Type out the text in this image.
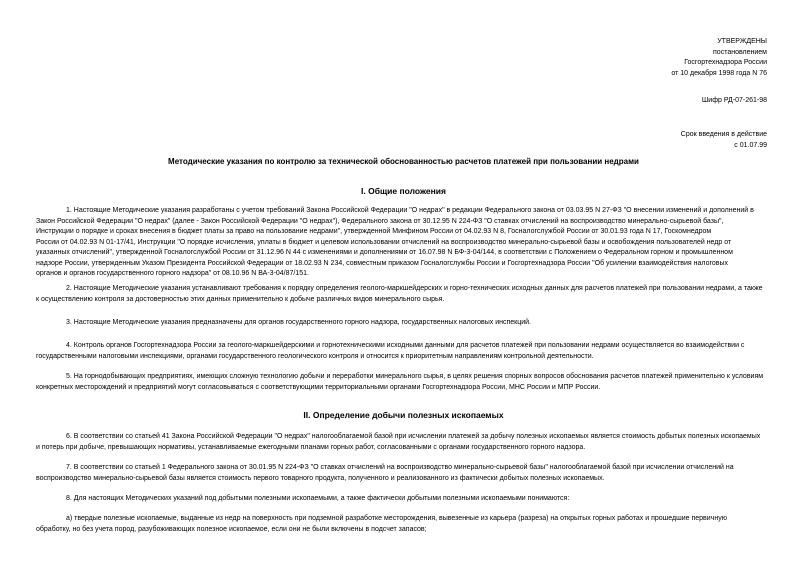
УТВЕРЖДЕНЫ
постановлением
Госгортехнадзора России
от 10 декабря 1998 года N 76
Шифр РД-07-261-98
Срок введения в действие
с 01.07.99
Методические указания по контролю за технической обоснованностью расчетов платежей при пользовании недрами
I. Общие положения
1. Настоящие Методические указания разработаны с учетом требований Закона Российской Федерации "О недрах" в редакции Федерального закона от 03.03.95 N 27-ФЗ "О внесении изменений и дополнений в
Закон Российской Федерации "О недрах" (далее - Закон Российской Федерации "О недрах"), Федерального закона от 30.12.95 N 224-ФЗ "О ставках отчислений на воспроизводство минерально-сырьевой базы",
Инструкции о порядке и сроках внесения в бюджет платы за право на пользование недрами", утвержденной Минфином России от 04.02.93 N 8, Госналогслужбой России от 30.01.93 года N 17, Госкомнедром
России от 04.02.93 N 01-17/41, Инструкции "О порядке исчисления, уплаты в бюджет и целевом использовании отчислений на воспроизводство минерально-сырьевой базы и освобождения пользователей недр от
указанных отчислений", утвержденной Госналогслужбой России от 31.12.96 N 44 с изменениями и дополнениями от 16.07.98 N БФ-3-04/144, в соответствии с Положением о Федеральном горном и промышленном
надзоре России, утвержденным Указом Президента Российской Федерации от 18.02.93 N 234, совместным приказом Госналогслужбы России и Госгортехнадзора России "Об усилении взаимодействия налоговых
органов и органов государственного горного надзора" от 08.10.96 N ВА-3-04/87/151.
2. Настоящие Методические указания устанавливают требования к порядку определения геолого-маркшейдерских и горно-технических исходных данных для расчетов платежей при пользовании недрами, а также
к осуществлению контроля за достоверностью этих данных применительно к добыче различных видов минерального сырья.
3. Настоящие Методические указания предназначены для органов государственного горного надзора, государственных налоговых инспекций.
4. Контроль органов Госгортехнадзора России за геолого-маркшейдерскими и горнотехническими исходными данными для расчетов платежей при пользовании недрами осуществляется во взаимодействии с
государственными налоговыми инспекциями, органами государственного геологического контроля и относится к приоритетным направлениям контрольной деятельности.
5. На горнодобывающих предприятиях, имеющих сложную технологию добычи и переработки минерального сырья, в целях решения спорных вопросов обоснования расчетов платежей применительно к условиям
конкретных месторождений и предприятий могут согласовываться с соответствующими территориальными органами Госгортехнадзора России, МНС России и МПР России.
II. Определение добычи полезных ископаемых
6. В соответствии со статьей 41 Закона Российской Федерации "О недрах" налогооблагаемой базой при исчислении платежей за добычу полезных ископаемых является стоимость добытых полезных ископаемых
и потерь при добыче, превышающих нормативы, устанавливаемые ежегодными планами горных работ, согласованными с органами государственного горного надзора.
7. В соответствии со статьей 1 Федерального закона от 30.01.95 N 224-ФЗ "О ставках отчислений на воспроизводство минерально-сырьевой базы" налогооблагаемой базой при исчислении отчислений на
воспроизводство минерально-сырьевой базы является стоимость первого товарного продукта, полученного и реализованного из фактически добытых полезных ископаемых.
8. Для настоящих Методических указаний под добытыми полезными ископаемыми, а также фактически добытыми полезными ископаемыми понимаются:
а) твердые полезные ископаемые, выданные из недр на поверхность при подземной разработке месторождения, вывезенные из карьера (разреза) на открытых горных работах и прошедшие первичную
обработку, но без учета пород, разубоживающих полезное ископаемое, если они не были включены в подсчет запасов;
